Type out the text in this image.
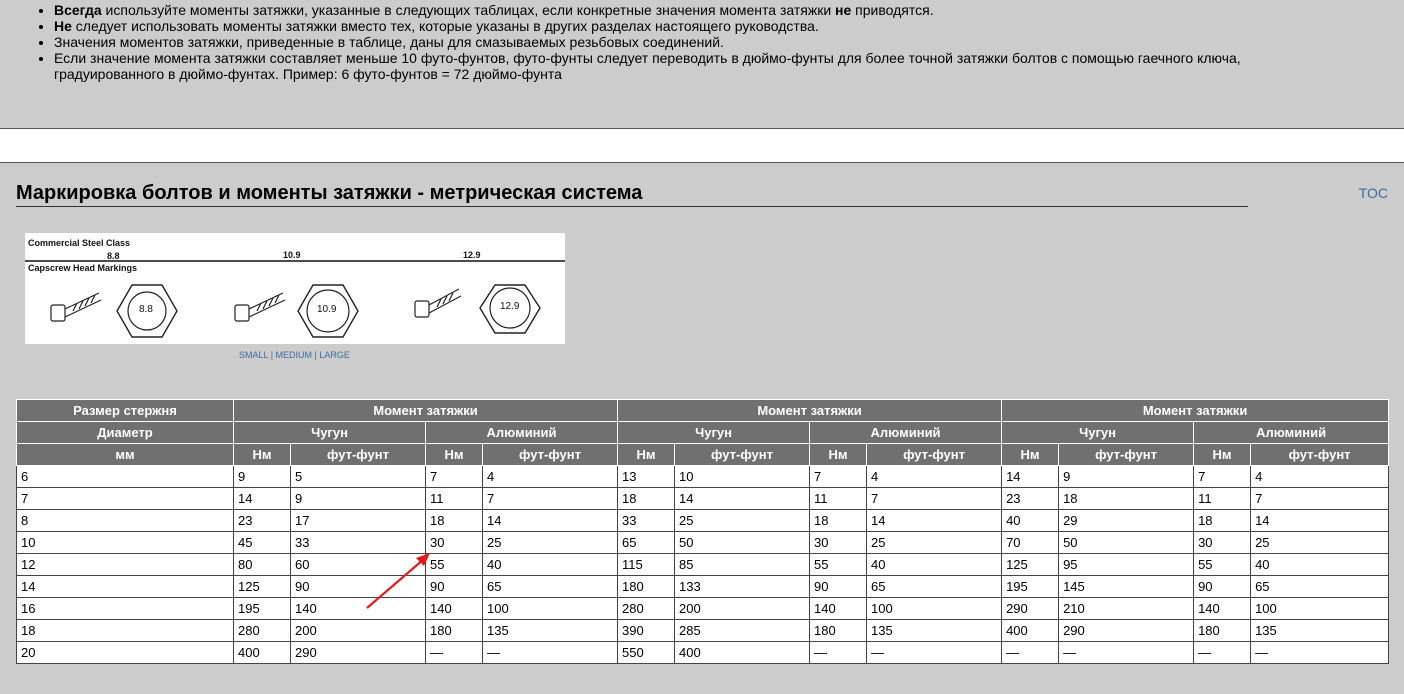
• Всегда используйте моменты затяжки, указанные в следующих таблицах, если конкретные значения момента затяжки не приводятся.
• Не следует использовать моменты затяжки вместо тех, которые указаны в других разделах настоящего руководства.
• Значения моментов затяжки, приведенные в таблице, даны для смазываемых резьбовых соединений.
• Если значение момента затяжки составляет меньше 10 футо-фунтов, футо-фунты следует переводить в дюймо-фунты для более точной затяжки болтов с помощью гаечного ключа,
градуированного в дюймо-фунтах. Пример: 6 футо-фунтов = 72 дюймо-фунта
Маркировка болтов и моменты затяжки - метрическая система	TOC
Commercial Steel Class
8.8	10.9	12.9
Capscrew Head Markings
8.8	10.9	12.9
SMALL | MEDIUM | LARGE
Размер стержня	Момент затяжки				Момент затяжки				Момент затяжки			
Диаметр	Чугун		Алюминий		Чугун		Алюминий		Чугун		Алюминий	
мм	Нм	фут-фунт	Нм	фут-фунт	Нм	фут-фунт	Нм	фут-фунт	Нм	фут-фунт	Нм	фут-фунт
6	9	5	7	4	13	10	7	4	14	9	7	4
7	14	9	11	7	18	14	11	7	23	18	11	7
8	23	17	18	14	33	25	18	14	40	29	18	14
10	45	33	30	25	65	50	30	25	70	50	30	25
12	80	60	55	40	115	85	55	40	125	95	55	40
14	125	90	90	65	180	133	90	65	195	145	90	65
16	195	140	140	100	280	200	140	100	290	210	140	100
18	280	200	180	135	390	285	180	135	400	290	180	135
20	400	290	—	—	550	400	—	—	—	—	—	—
